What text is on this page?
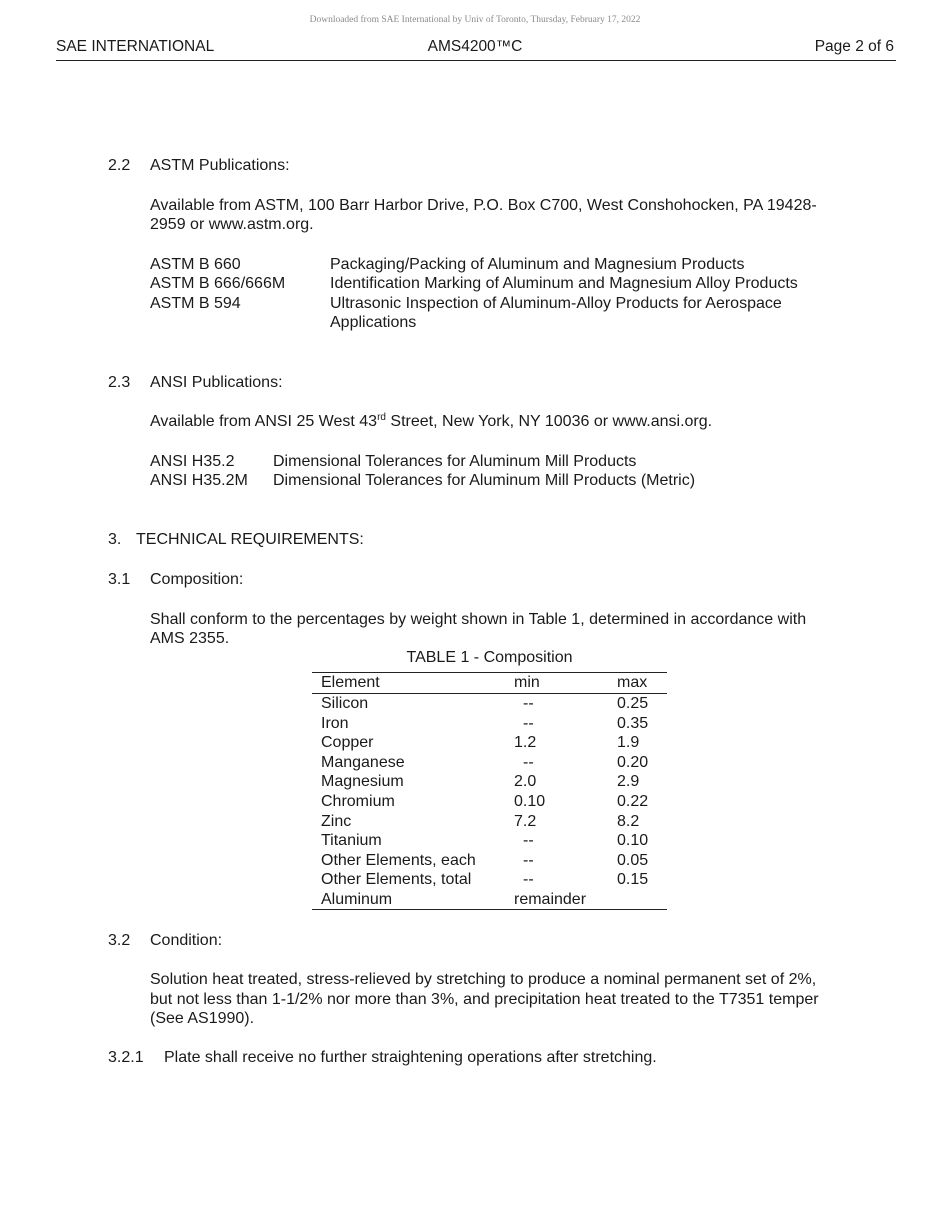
Downloaded from SAE International by Univ of Toronto, Thursday, February 17, 2022
SAE INTERNATIONAL	AMS4200™C	Page 2 of 6
2.2 ASTM Publications:
Available from ASTM, 100 Barr Harbor Drive, P.O. Box C700, West Conshohocken, PA 19428-
2959 or www.astm.org.
ASTM B 660	Packaging/Packing of Aluminum and Magnesium Products
ASTM B 666/666M	Identification Marking of Aluminum and Magnesium Alloy Products
ASTM B 594	Ultrasonic Inspection of Aluminum-Alloy Products for Aerospace
Applications
2.3 ANSI Publications:
Available from ANSI 25 West 43rd Street, New York, NY 10036 or www.ansi.org.
ANSI H35.2 Dimensional Tolerances for Aluminum Mill Products
ANSI H35.2M Dimensional Tolerances for Aluminum Mill Products (Metric)
3. TECHNICAL REQUIREMENTS:
3.1 Composition:
Shall conform to the percentages by weight shown in Table 1, determined in accordance with
AMS 2355.
TABLE 1 - Composition
Element	min	max
Silicon	--	0.25
Iron	--	0.35
Copper	1.2	1.9
Manganese	--	0.20
Magnesium	2.0	2.9
Chromium	0.10	0.22
Zinc	7.2	8.2
Titanium	--	0.10
Other Elements, each	--	0.05
Other Elements, total	--	0.15
Aluminum	remainder
3.2 Condition:
Solution heat treated, stress-relieved by stretching to produce a nominal permanent set of 2%,
but not less than 1-1/2% nor more than 3%, and precipitation heat treated to the T7351 temper
(See AS1990).
3.2.1 Plate shall receive no further straightening operations after stretching.
